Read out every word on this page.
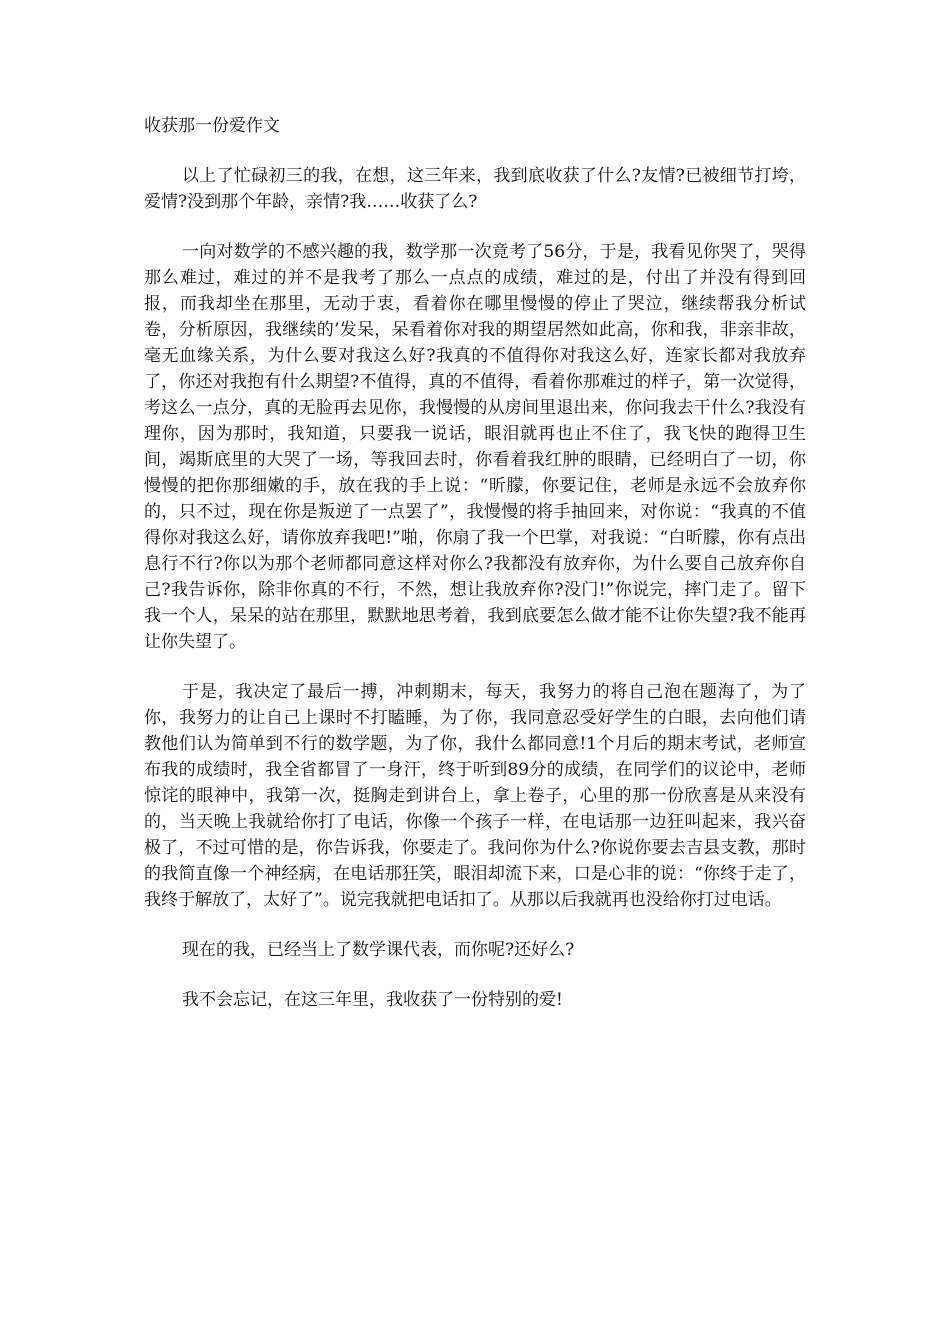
收获那一份爱作文

以上了忙碌初三的我，在想，这三年来，我到底收获了什么?友情?已被细节打垮，爱情?没到那个年龄，亲情?我……收获了么?

一向对数学的不感兴趣的我，数学那一次竟考了56分，于是，我看见你哭了，哭得那么难过，难过的并不是我考了那么一点点的成绩，难过的是，付出了并没有得到回报，而我却坐在那里，无动于衷，看着你在哪里慢慢的停止了哭泣，继续帮我分析试卷，分析原因，我继续的’发呆，呆看着你对我的期望居然如此高，你和我，非亲非故，毫无血缘关系，为什么要对我这么好?我真的不值得你对我这么好，连家长都对我放弃了，你还对我抱有什么期望?不值得，真的不值得，看着你那难过的样子，第一次觉得，考这么一点分，真的无脸再去见你，我慢慢的从房间里退出来，你问我去干什么?我没有理你，因为那时，我知道，只要我一说话，眼泪就再也止不住了，我飞快的跑得卫生间，竭斯底里的大哭了一场，等我回去时，你看着我红肿的眼睛，已经明白了一切，你慢慢的把你那细嫩的手，放在我的手上说：“昕朦，你要记住，老师是永远不会放弃你的，只不过，现在你是叛逆了一点罢了”，我慢慢的将手抽回来，对你说：“我真的不值得你对我这么好，请你放弃我吧!”啪，你扇了我一个巴掌，对我说：“白昕朦，你有点出息行不行?你以为那个老师都同意这样对你么?我都没有放弃你，为什么要自己放弃你自己?我告诉你，除非你真的不行，不然，想让我放弃你?没门!”你说完，摔门走了。留下我一个人，呆呆的站在那里，默默地思考着，我到底要怎么做才能不让你失望?我不能再让你失望了。

于是，我决定了最后一搏，冲刺期末，每天，我努力的将自己泡在题海了，为了你，我努力的让自己上课时不打瞌睡，为了你，我同意忍受好学生的白眼，去向他们请教他们认为简单到不行的数学题，为了你，我什么都同意!1个月后的期末考试，老师宣布我的成绩时，我全省都冒了一身汗，终于听到89分的成绩，在同学们的议论中，老师惊诧的眼神中，我第一次，挺胸走到讲台上，拿上卷子，心里的那一份欣喜是从来没有的，当天晚上我就给你打了电话，你像一个孩子一样，在电话那一边狂叫起来，我兴奋极了，不过可惜的是，你告诉我，你要走了。我问你为什么?你说你要去吉县支教，那时的我简直像一个神经病，在电话那狂笑，眼泪却流下来，口是心非的说：“你终于走了，我终于解放了，太好了”。说完我就把电话扣了。从那以后我就再也没给你打过电话。

现在的我，已经当上了数学课代表，而你呢?还好么?

我不会忘记，在这三年里，我收获了一份特别的爱!
